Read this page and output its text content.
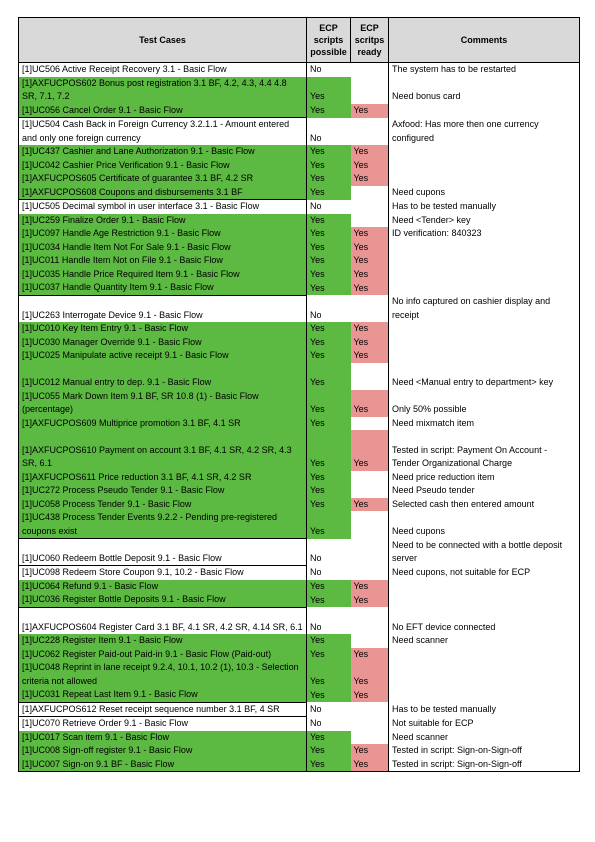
Test Cases	ECP scripts possible	ECP scritps ready	Comments
[1]UC506 Active Receipt Recovery 3.1 - Basic Flow	No		The system has to be restarted
[1]AXFUCPOS602 Bonus post registration 3.1 BF, 4.2, 4.3, 4.4 4.8 SR, 7.1, 7.2	Yes		Need bonus card
[1]UC056 Cancel Order 9.1 - Basic Flow	Yes	Yes	
[1]UC504 Cash Back in Foreign Currency 3.2.1.1 - Amount entered and only one foreign currency	No		Axfood: Has more then one currency configured
[1]UC437 Cashier and Lane Authorization 9.1 - Basic Flow	Yes	Yes	
[1]UC042 Cashier Price Verification 9.1 - Basic Flow	Yes	Yes	
[1]AXFUCPOS605 Certificate of guarantee 3.1 BF, 4.2 SR	Yes	Yes	
[1]AXFUCPOS608 Coupons and disbursements 3.1 BF	Yes		Need cupons
[1]UC505 Decimal symbol in user interface 3.1 - Basic Flow	No		Has to be tested manually
[1]UC259 Finalize Order 9.1 - Basic Flow	Yes		Need <Tender> key
[1]UC097 Handle Age Restriction 9.1 - Basic Flow	Yes	Yes	ID verification: 840323
[1]UC034 Handle Item Not For Sale 9.1 - Basic Flow	Yes	Yes	
[1]UC011 Handle Item Not on File 9.1 - Basic Flow	Yes	Yes	
[1]UC035 Handle Price Required Item 9.1 - Basic Flow	Yes	Yes	
[1]UC037 Handle Quantity Item 9.1 - Basic Flow	Yes	Yes	
[1]UC263 Interrogate Device 9.1 - Basic Flow	No		No info captured on cashier display and receipt
[1]UC010 Key Item Entry 9.1 - Basic Flow	Yes	Yes	
[1]UC030 Manager Override 9.1 - Basic Flow	Yes	Yes	
[1]UC025 Manipulate active receipt 9.1 - Basic Flow	Yes	Yes	
[1]UC012 Manual entry to dep. 9.1 - Basic Flow	Yes		Need <Manual entry to department> key
[1]UC055 Mark Down Item 9.1 BF, SR 10.8 (1) - Basic Flow (percentage)	Yes	Yes	Only 50% possible
[1]AXFUCPOS609 Multiprice promotion 3.1 BF, 4.1 SR	Yes		Need mixmatch item
[1]AXFUCPOS610 Payment on account 3.1 BF, 4.1 SR, 4.2 SR, 4.3 SR, 6.1	Yes	Yes	Tested in script: Payment On Account - Tender Organizational Charge
[1]AXFUCPOS611 Price reduction 3.1 BF, 4.1 SR, 4.2 SR	Yes		Need price reduction item
[1]UC272 Process Pseudo Tender 9.1 - Basic Flow	Yes		Need Pseudo tender
[1]UC058 Process Tender 9.1 - Basic Flow	Yes	Yes	Selected cash then entered amount
[1]UC438 Process Tender Events 9.2.2 - Pending pre-registered coupons exist	Yes		Need cupons
[1]UC060 Redeem Bottle Deposit 9.1 - Basic Flow	No		Need to be connected with a bottle deposit server
[1]UC098 Redeem Store Coupon 9.1, 10.2 - Basic Flow	No		Need cupons, not suitable for ECP
[1]UC064 Refund 9.1 - Basic Flow	Yes	Yes	
[1]UC036 Register Bottle Deposits 9.1 - Basic Flow	Yes	Yes	
[1]AXFUCPOS604 Register Card 3.1 BF, 4.1 SR, 4.2 SR, 4.14 SR, 6.1	No		No EFT device connected
[1]UC228 Register Item 9.1 - Basic Flow	Yes		Need scanner
[1]UC062 Register Paid-out Paid-in 9.1 - Basic Flow (Paid-out)	Yes	Yes	
[1]UC048 Reprint in lane receipt 9.2.4, 10.1, 10.2 (1), 10.3 - Selection criteria not allowed	Yes	Yes	
[1]UC031 Repeat Last Item 9.1 - Basic Flow	Yes	Yes	
[1]AXFUCPOS612 Reset receipt sequence number 3.1 BF, 4 SR	No		Has to be tested manually
[1]UC070 Retrieve Order 9.1 - Basic Flow	No		Not suitable for ECP
[1]UC017 Scan item 9.1 - Basic Flow	Yes		Need scanner
[1]UC008 Sign-off register 9.1 - Basic Flow	Yes	Yes	Tested in script: Sign-on-Sign-off
[1]UC007 Sign-on 9.1 BF - Basic Flow	Yes	Yes	Tested in script: Sign-on-Sign-off
